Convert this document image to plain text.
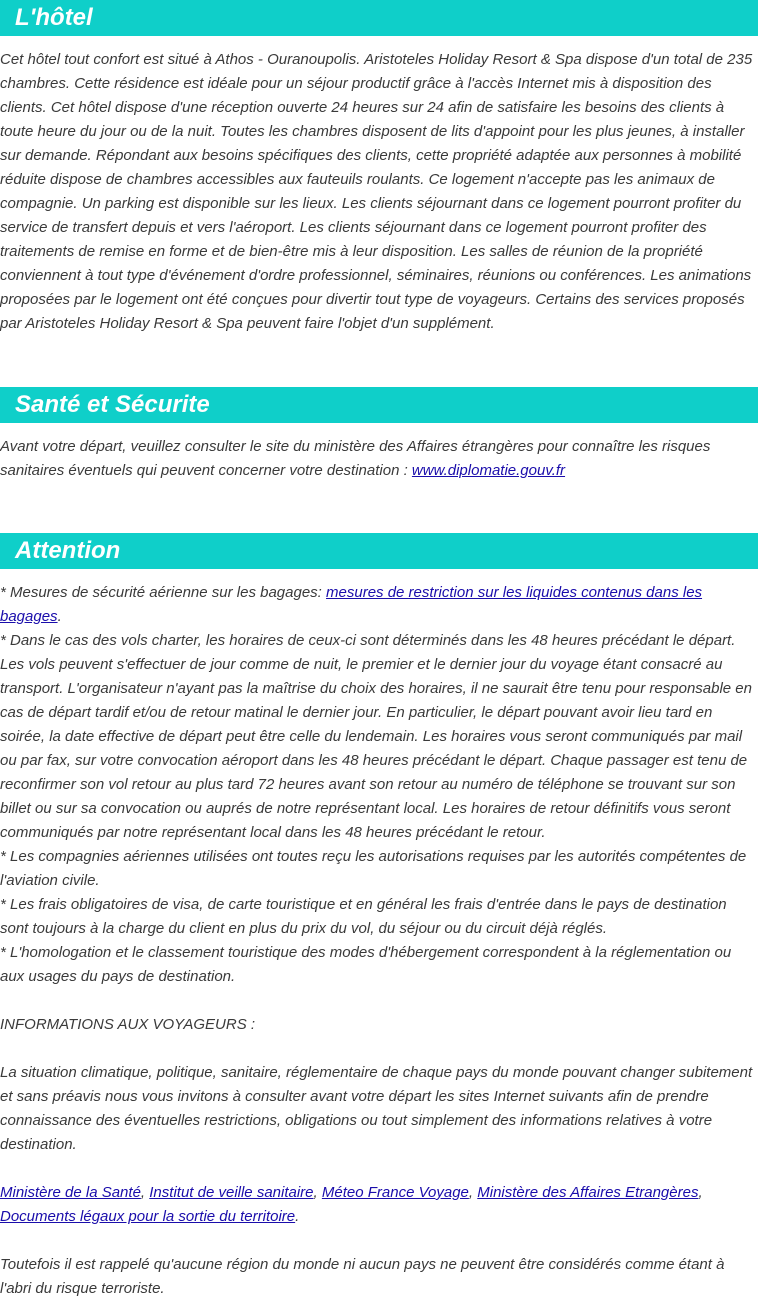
L'hôtel

Cet hôtel tout confort est situé à Athos - Ouranoupolis. Aristoteles Holiday Resort & Spa dispose d'un total de 235 chambres. Cette résidence est idéale pour un séjour productif grâce à l'accès Internet mis à disposition des clients. Cet hôtel dispose d'une réception ouverte 24 heures sur 24 afin de satisfaire les besoins des clients à toute heure du jour ou de la nuit. Toutes les chambres disposent de lits d'appoint pour les plus jeunes, à installer sur demande. Répondant aux besoins spécifiques des clients, cette propriété adaptée aux personnes à mobilité réduite dispose de chambres accessibles aux fauteuils roulants. Ce logement n'accepte pas les animaux de compagnie. Un parking est disponible sur les lieux. Les clients séjournant dans ce logement pourront profiter du service de transfert depuis et vers l'aéroport. Les clients séjournant dans ce logement pourront profiter des traitements de remise en forme et de bien-être mis à leur disposition. Les salles de réunion de la propriété conviennent à tout type d'événement d'ordre professionnel, séminaires, réunions ou conférences. Les animations proposées par le logement ont été conçues pour divertir tout type de voyageurs. Certains des services proposés par Aristoteles Holiday Resort & Spa peuvent faire l'objet d'un supplément.

Santé et Sécurite

Avant votre départ, veuillez consulter le site du ministère des Affaires étrangères pour connaître les risques sanitaires éventuels qui peuvent concerner votre destination : www.diplomatie.gouv.fr

Attention

* Mesures de sécurité aérienne sur les bagages: mesures de restriction sur les liquides contenus dans les bagages.

* Dans le cas des vols charter, les horaires de ceux-ci sont déterminés dans les 48 heures précédant le départ. Les vols peuvent s'effectuer de jour comme de nuit, le premier et le dernier jour du voyage étant consacré au transport. L'organisateur n'ayant pas la maîtrise du choix des horaires, il ne saurait être tenu pour responsable en cas de départ tardif et/ou de retour matinal le dernier jour. En particulier, le départ pouvant avoir lieu tard en soirée, la date effective de départ peut être celle du lendemain. Les horaires vous seront communiqués par mail ou par fax, sur votre convocation aéroport dans les 48 heures précédant le départ. Chaque passager est tenu de reconfirmer son vol retour au plus tard 72 heures avant son retour au numéro de téléphone se trouvant sur son billet ou sur sa convocation ou auprés de notre représentant local. Les horaires de retour définitifs vous seront communiqués par notre représentant local dans les 48 heures précédant le retour.

* Les compagnies aériennes utilisées ont toutes reçu les autorisations requises par les autorités compétentes de l'aviation civile.

* Les frais obligatoires de visa, de carte touristique et en général les frais d'entrée dans le pays de destination sont toujours à la charge du client en plus du prix du vol, du séjour ou du circuit déjà réglés.

* L'homologation et le classement touristique des modes d'hébergement correspondent à la réglementation ou aux usages du pays de destination.

INFORMATIONS AUX VOYAGEURS :

La situation climatique, politique, sanitaire, réglementaire de chaque pays du monde pouvant changer subitement et sans préavis nous vous invitons à consulter avant votre départ les sites Internet suivants afin de prendre connaissance des éventuelles restrictions, obligations ou tout simplement des informations relatives à votre destination.

Ministère de la Santé, Institut de veille sanitaire, Méteo France Voyage, Ministère des Affaires Etrangères, Documents légaux pour la sortie du territoire.

Toutefois il est rappelé qu'aucune région du monde ni aucun pays ne peuvent être considérés comme étant à l'abri du risque terroriste.
